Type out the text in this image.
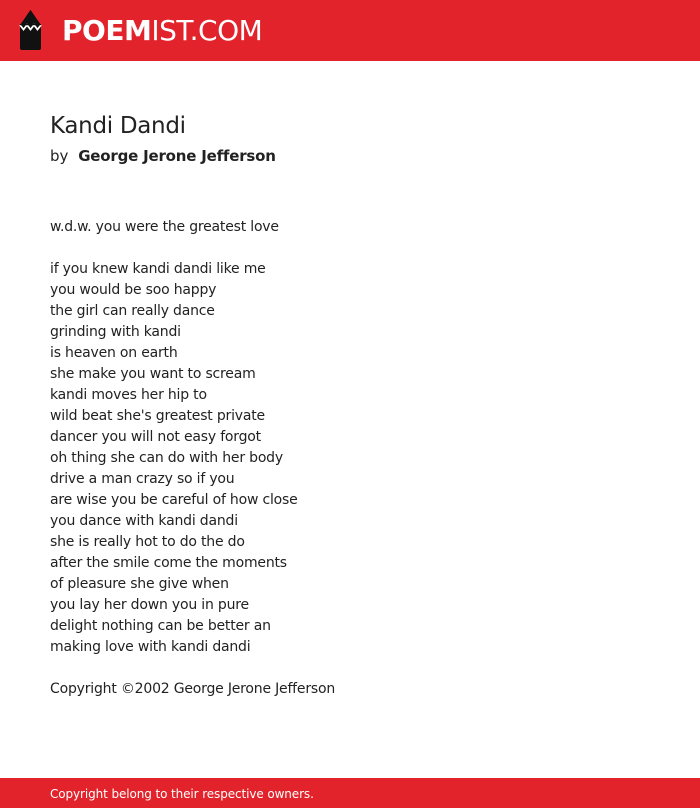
POEMIST.COM
Kandi Dandi
by George Jerone Jefferson
w.d.w. you were the greatest love
if you knew kandi dandi like me
you would be soo happy
the girl can really dance
grinding with kandi
is heaven on earth
she make you want to scream
kandi moves her hip to
wild beat she's greatest private
dancer you will not easy forgot
oh thing she can do with her body
drive a man crazy so if you
are wise you be careful of how close
you dance with kandi dandi
she is really hot to do the do
after the smile come the moments
of pleasure she give when
you lay her down you in pure
delight nothing can be better an
making love with kandi dandi
Copyright ©2002 George Jerone Jefferson
Copyright belong to their respective owners.
